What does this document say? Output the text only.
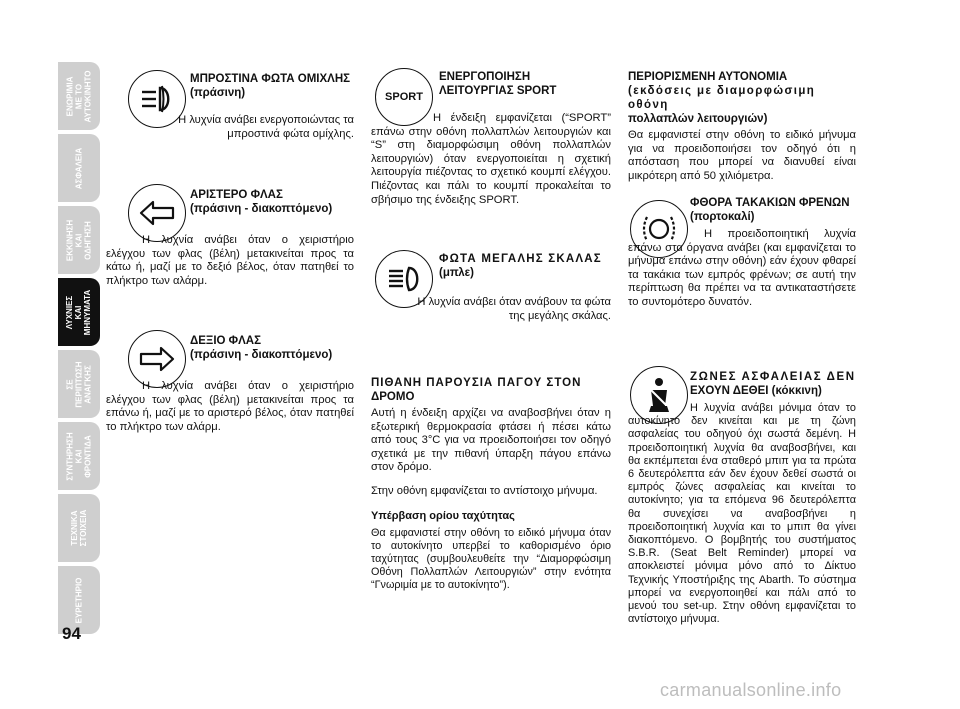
ΕΝΩΡΙΜΙΑ
ΜΕ ΤΟ
ΑΥΤΟΚΙΝΗΤΟ
ΑΣΦΑΛΕΙΑ
ΕΚΚΙΝΗΣΗ
ΚΑΙ
ΟΔΗΓΗΣΗ
ΛΥΧΝΙΕΣ
ΚΑΙ
ΜΗΝΥΜΑΤΑ
ΣΕ
ΠΕΡΙΠΤΩΣΗ
ΑΝΑΓΚΗΣ
ΣΥΝΤΗΡΗΣΗ
ΚΑΙ
ΦΡΟΝΤΙΔΑ
ΤΕΧΝΙΚΑ
ΣΤΟΙΧΕΙΑ
ΕΥΡΕΤΗΡΙΟ
94
ΜΠΡΟΣΤΙΝΑ ΦΩΤΑ ΟΜΙΧΛΗΣ
(πράσινη)
Η λυχνία ανάβει ενεργοποιώντας τα μπροστινά φώτα ομίχλης.
ΑΡΙΣΤΕΡΟ ΦΛΑΣ
(πράσινη - διακοπτόμενο)
Η λυχνία ανάβει όταν ο χειριστήριο ελέγχου των φλας (βέλη) μετακινείται προς τα κάτω ή, μαζί με το δεξιό βέλος, όταν πατηθεί το πλήκτρο των αλάρμ.
ΔΕΞΙΟ ΦΛΑΣ
(πράσινη - διακοπτόμενο)
Η λυχνία ανάβει όταν ο χειριστήριο ελέγχου των φλας (βέλη) μετακινείται προς τα επάνω ή, μαζί με το αριστερό βέλος, όταν πατηθεί το πλήκτρο των αλάρμ.
SPORT
ΕΝΕΡΓΟΠΟΙΗΣΗ
ΛΕΙΤΟΥΡΓΙΑΣ SPORT
Η ένδειξη εμφανίζεται (“SPORT” επάνω στην οθόνη πολλαπλών λειτουργιών και “S” στη διαμορφώσιμη οθόνη πολλαπλών λειτουργιών) όταν ενεργοποιείται η σχετική λειτουργία πιέζοντας το σχετικό κουμπί ελέγχου. Πιέζοντας και πάλι το κουμπί προκαλείται το σβήσιμο της ένδειξης SPORT.
ΦΩΤΑ ΜΕΓΑΛΗΣ ΣΚΑΛΑΣ
(μπλε)
Η λυχνία ανάβει όταν ανάβουν τα φώτα της μεγάλης σκάλας.
ΠΙΘΑΝΗ ΠΑΡΟΥΣΙΑ ΠΑΓΟΥ ΣΤΟΝ
ΔΡΟΜΟ
Αυτή η ένδειξη αρχίζει να αναβοσβήνει όταν η εξωτερική θερμοκρασία φτάσει ή πέσει κάτω από τους 3°C για να προειδοποιήσει τον οδηγό σχετικά με την πιθανή ύπαρξη πάγου επάνω στον δρόμο.
Στην οθόνη εμφανίζεται το αντίστοιχο μήνυμα.
Υπέρβαση ορίου ταχύτητας
Θα εμφανιστεί στην οθόνη το ειδικό μήνυμα όταν το αυτοκίνητο υπερβεί το καθορισμένο όριο ταχύτητας (συμβουλευθείτε την “Διαμορφώσιμη Οθόνη Πολλαπλών Λειτουργιών” στην ενότητα “Γνωριμία με το αυτοκίνητο”).
ΠΕΡΙΟΡΙΣΜΕΝΗ ΑΥΤΟΝΟΜΙΑ
(εκδόσεις με διαμορφώσιμη οθόνη
πολλαπλών λειτουργιών)
Θα εμφανιστεί στην οθόνη το ειδικό μήνυμα για να προειδοποιήσει τον οδηγό ότι η απόσταση που μπορεί να διανυθεί είναι μικρότερη από 50 χιλιόμετρα.
ΦΘΟΡΑ ΤΑΚΑΚΙΩΝ ΦΡΕΝΩΝ
(πορτοκαλί)
Η προειδοποιητική λυχνία επάνω στα όργανα ανάβει (και εμφανίζεται το μήνυμα επάνω στην οθόνη) εάν έχουν φθαρεί τα τακάκια των εμπρός φρένων; σε αυτή την περίπτωση θα πρέπει να τα αντικαταστήσετε το συντομότερο δυνατόν.
ΖΩΝΕΣ ΑΣΦΑΛΕΙΑΣ ΔΕΝ
ΕΧΟΥΝ ΔΕΘΕΙ (κόκκινη)
Η λυχνία ανάβει μόνιμα όταν το αυτοκίνητο δεν κινείται και με τη ζώνη ασφαλείας του οδηγού όχι σωστά δεμένη. Η προειδοποιητική λυχνία θα αναβοσβήνει, και θα εκπέμπεται ένα σταθερό μπιπ για τα πρώτα 6 δευτερόλεπτα εάν δεν έχουν δεθεί σωστά οι εμπρός ζώνες ασφαλείας και κινείται το αυτοκίνητο; για τα επόμενα 96 δευτερόλεπτα θα συνεχίσει να αναβοσβήνει η προειδοποιητική λυχνία και το μπιπ θα γίνει διακοπτόμενο. Ο βομβητής του συστήματος S.B.R. (Seat Belt Reminder) μπορεί να αποκλειστεί μόνιμα μόνο από το Δίκτυο Τεχνικής Υποστήριξης της Abarth. Το σύστημα μπορεί να ενεργοποιηθεί και πάλι από το μενού του set-up. Στην οθόνη εμφανίζεται το αντίστοιχο μήνυμα.
carmanualsonline.info
